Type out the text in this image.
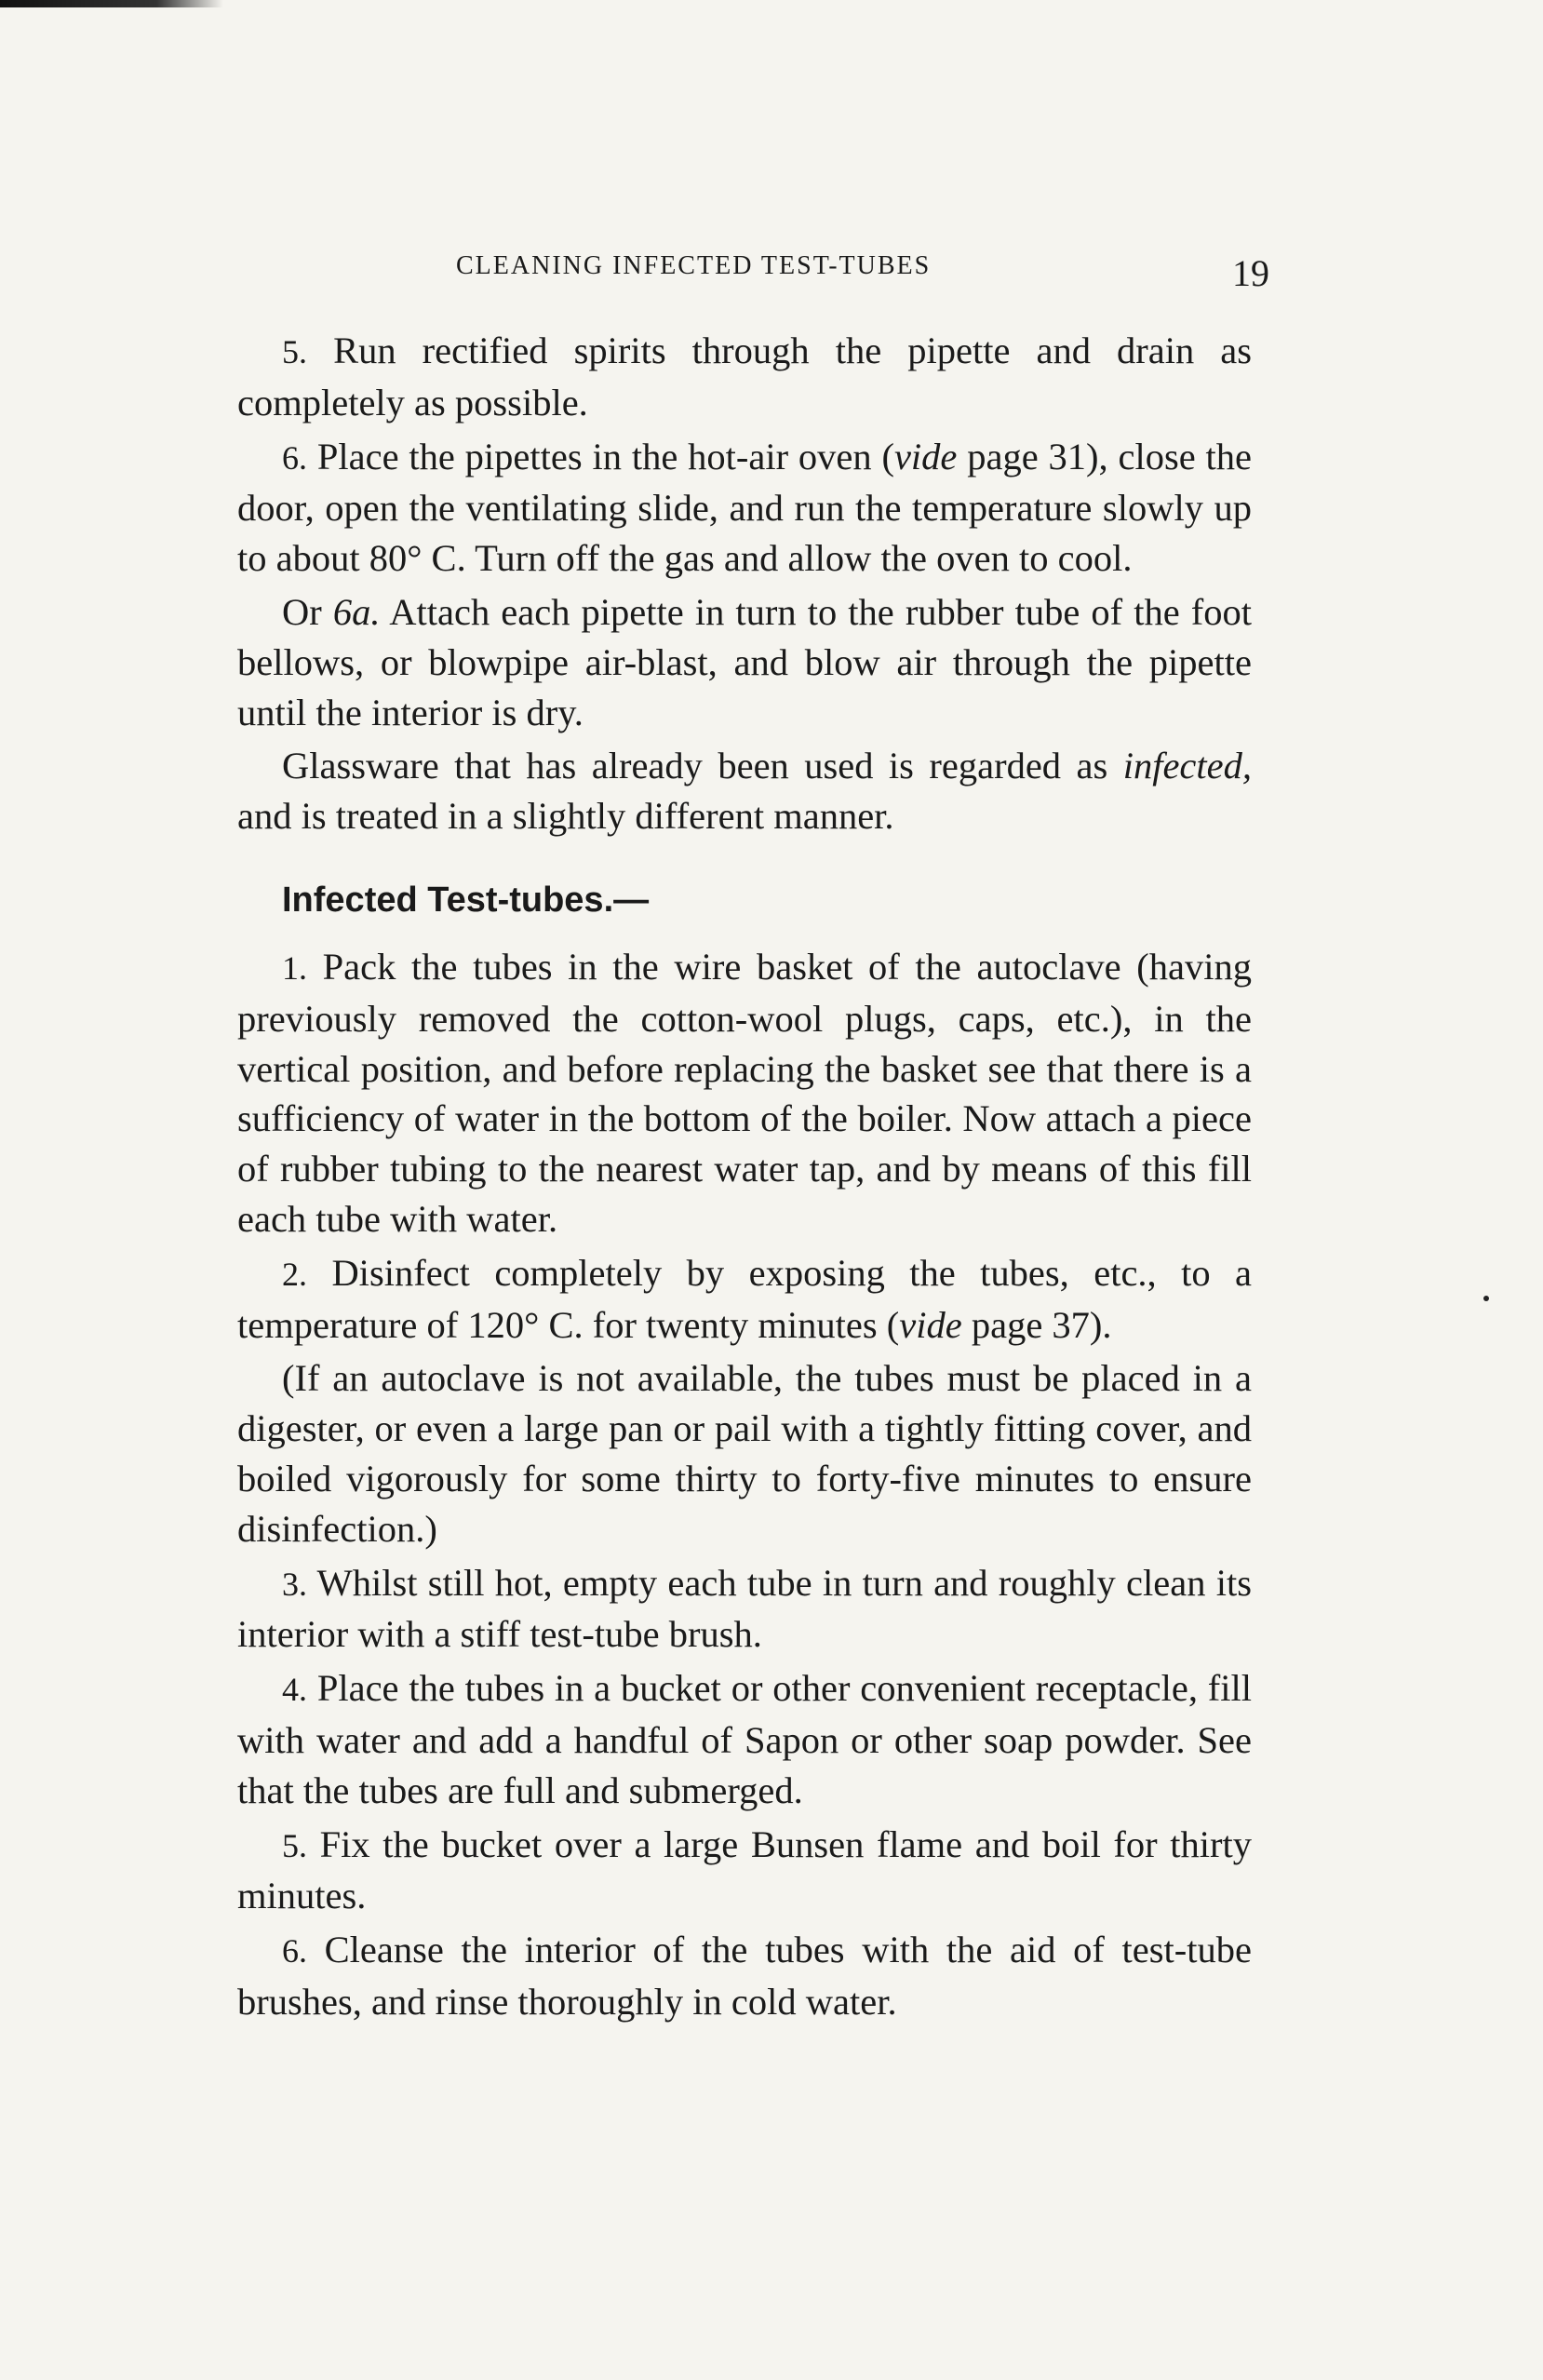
CLEANING INFECTED TEST-TUBES	19

5. Run rectified spirits through the pipette and drain as completely as possible.

6. Place the pipettes in the hot-air oven (vide page 31), close the door, open the ventilating slide, and run the temperature slowly up to about 80° C. Turn off the gas and allow the oven to cool.

Or 6a. Attach each pipette in turn to the rubber tube of the foot bellows, or blowpipe air-blast, and blow air through the pipette until the interior is dry.

Glassware that has already been used is regarded as infected, and is treated in a slightly different manner.

Infected Test-tubes.—

1. Pack the tubes in the wire basket of the autoclave (having previously removed the cotton-wool plugs, caps, etc.), in the vertical position, and before replacing the basket see that there is a sufficiency of water in the bottom of the boiler. Now attach a piece of rubber tubing to the nearest water tap, and by means of this fill each tube with water.

2. Disinfect completely by exposing the tubes, etc., to a temperature of 120° C. for twenty minutes (vide page 37).

(If an autoclave is not available, the tubes must be placed in a digester, or even a large pan or pail with a tightly fitting cover, and boiled vigorously for some thirty to forty-five minutes to ensure disinfection.)

3. Whilst still hot, empty each tube in turn and roughly clean its interior with a stiff test-tube brush.

4. Place the tubes in a bucket or other convenient receptacle, fill with water and add a handful of Sapon or other soap powder. See that the tubes are full and submerged.

5. Fix the bucket over a large Bunsen flame and boil for thirty minutes.

6. Cleanse the interior of the tubes with the aid of test-tube brushes, and rinse thoroughly in cold water.
